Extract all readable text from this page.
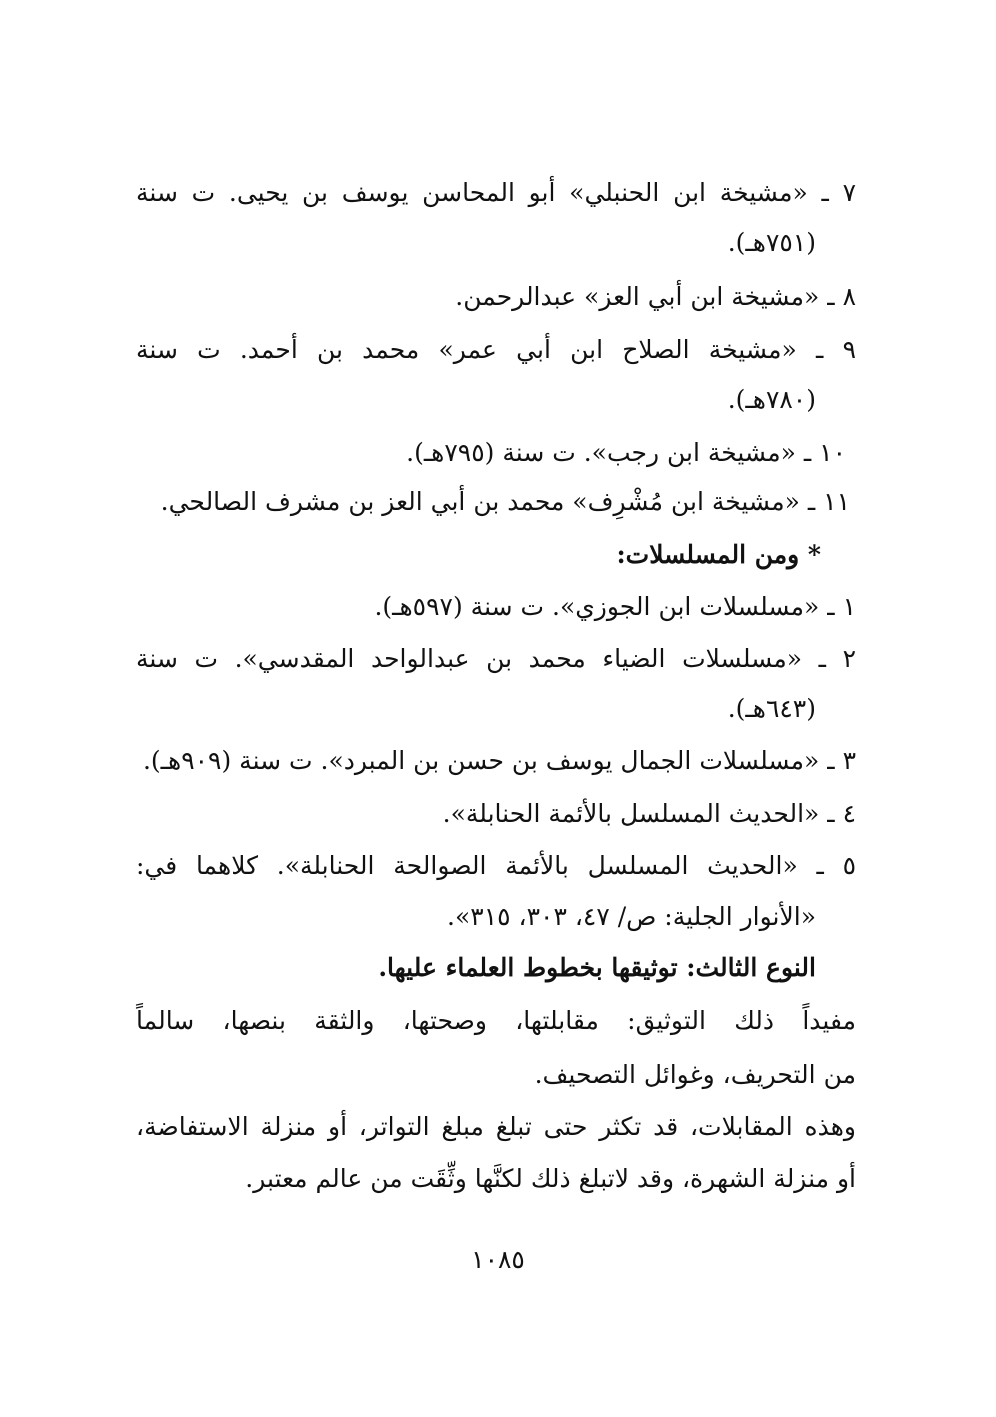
٧ ـ «مشيخة ابن الحنبلي» أبو المحاسن يوسف بن يحيى. ت سنة
(٧٥١هـ).
٨ ـ «مشيخة ابن أبي العز» عبدالرحمن.
٩ ـ «مشيخة الصلاح ابن أبي عمر» محمد بن أحمد. ت سنة
(٧٨٠هـ).
١٠ ـ «مشيخة ابن رجب». ت سنة (٧٩٥هـ).
١١ ـ «مشيخة ابن مُشْرِف» محمد بن أبي العز بن مشرف الصالحي.
* ومن المسلسلات:
١ ـ «مسلسلات ابن الجوزي». ت سنة (٥٩٧هـ).
٢ ـ «مسلسلات الضياء محمد بن عبدالواحد المقدسي». ت سنة
(٦٤٣هـ).
٣ ـ «مسلسلات الجمال يوسف بن حسن بن المبرد». ت سنة (٩٠٩هـ).
٤ ـ «الحديث المسلسل بالأئمة الحنابلة».
٥ ـ «الحديث المسلسل بالأئمة الصوالحة الحنابلة». كلاهما في:
«الأنوار الجلية: ص/ ٤٧، ٣٠٣، ٣١٥».
النوع الثالث: توثيقها بخطوط العلماء عليها.
مفيداً ذلك التوثيق: مقابلتها، وصحتها، والثقة بنصها، سالماً
من التحريف، وغوائل التصحيف.
وهذه المقابلات، قد تكثر حتى تبلغ مبلغ التواتر، أو منزلة الاستفاضة،
أو منزلة الشهرة، وقد لاتبلغ ذلك لكنَّها وثِّقَت من عالم معتبر.
١٠٨٥
